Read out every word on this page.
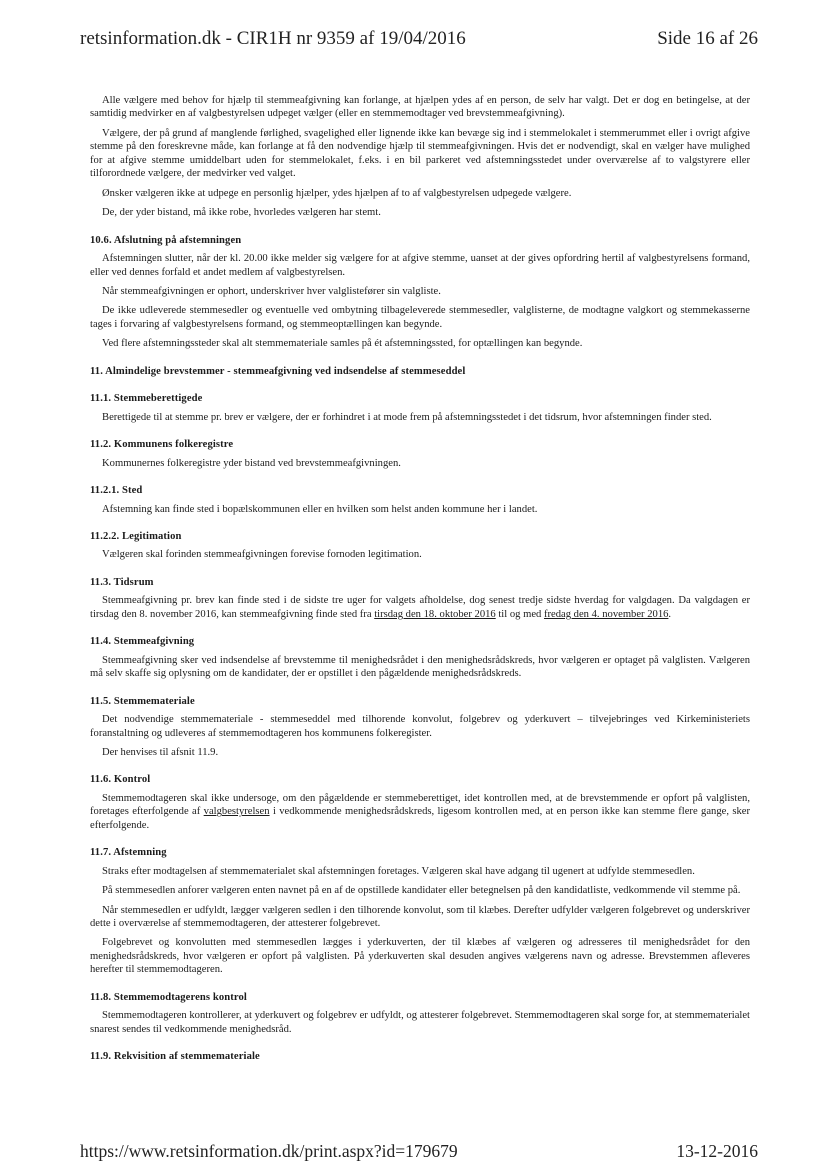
retsinformation.dk - CIR1H nr 9359 af 19/04/2016	Side 16 af 26

Alle vælgere med behov for hjælp til stemmeafgivning kan forlange, at hjælpen ydes af en person, de selv har valgt. Det er dog en betingelse, at der samtidig medvirker en af valgbestyrelsen udpeget vælger (eller en stemmemodtager ved brevstemmeafgivning).

Vælgere, der på grund af manglende førlighed, svagelighed eller lignende ikke kan bevæge sig ind i stemmelokalet i stemmerummet eller i ovrigt afgive stemme på den foreskrevne måde, kan forlange at få den nodvendige hjælp til stemmeafgivningen. Hvis det er nodvendigt, skal en vælger have mulighed for at afgive stemme umiddelbart uden for stemmelokalet, f.eks. i en bil parkeret ved afstemningsstedet under overværelse af to valgstyrere eller tilforordnede vælgere, der medvirker ved valget.

Ønsker vælgeren ikke at udpege en personlig hjælper, ydes hjælpen af to af valgbestyrelsen udpegede vælgere.

De, der yder bistand, må ikke robe, hvorledes vælgeren har stemt.

10.6. Afslutning på afstemningen

Afstemningen slutter, når der kl. 20.00 ikke melder sig vælgere for at afgive stemme, uanset at der gives opfordring hertil af valgbestyrelsens formand, eller ved dennes forfald et andet medlem af valgbestyrelsen.

Når stemmeafgivningen er ophort, underskriver hver valglistefører sin valgliste.

De ikke udleverede stemmesedler og eventuelle ved ombytning tilbageleverede stemmesedler, valglisterne, de modtagne valgkort og stemmekasserne tages i forvaring af valgbestyrelsens formand, og stemmeoptællingen kan begynde.

Ved flere afstemningssteder skal alt stemmemateriale samles på ét afstemningssted, for optællingen kan begynde.

11. Almindelige brevstemmer - stemmeafgivning ved indsendelse af stemmeseddel
11.1. Stemmeberettigede

Berettigede til at stemme pr. brev er vælgere, der er forhindret i at mode frem på afstemningsstedet i det tidsrum, hvor afstemningen finder sted.

11.2. Kommunens folkeregistre

Kommunernes folkeregistre yder bistand ved brevstemmeafgivningen.

11.2.1. Sted

Afstemning kan finde sted i bopælskommunen eller en hvilken som helst anden kommune her i landet.

11.2.2. Legitimation

Vælgeren skal forinden stemmeafgivningen forevise fornoden legitimation.

11.3. Tidsrum

Stemmeafgivning pr. brev kan finde sted i de sidste tre uger for valgets afholdelse, dog senest tredje sidste hverdag for valgdagen. Da valgdagen er tirsdag den 8. november 2016, kan stemmeafgivning finde sted fra tirsdag den 18. oktober 2016 til og med fredag den 4. november 2016.

11.4. Stemmeafgivning

Stemmeafgivning sker ved indsendelse af brevstemme til menighedsrådet i den menighedsrådskreds, hvor vælgeren er optaget på valglisten. Vælgeren må selv skaffe sig oplysning om de kandidater, der er opstillet i den pågældende menighedsrådskreds.

11.5. Stemmemateriale

Det nodvendige stemmemateriale - stemmeseddel med tilhorende konvolut, folgebrev og yderkuvert – tilvejebringes ved Kirkeministeriets foranstaltning og udleveres af stemmemodtageren hos kommunens folkeregister.

Der henvises til afsnit 11.9.

11.6. Kontrol

Stemmemodtageren skal ikke undersoge, om den pågældende er stemmeberettiget, idet kontrollen med, at de brevstemmende er opfort på valglisten, foretages efterfolgende af valgbestyrelsen i vedkommende menighedsrådskreds, ligesom kontrollen med, at en person ikke kan stemme flere gange, sker efterfolgende.

11.7. Afstemning

Straks efter modtagelsen af stemmematerialet skal afstemningen foretages. Vælgeren skal have adgang til ugenert at udfylde stemmesedlen.

På stemmesedlen anforer vælgeren enten navnet på en af de opstillede kandidater eller betegnelsen på den kandidatliste, vedkommende vil stemme på.

Når stemmesedlen er udfyldt, lægger vælgeren sedlen i den tilhorende konvolut, som til klæbes. Derefter udfylder vælgeren folgebrevet og underskriver dette i overværelse af stemmemodtageren, der attesterer folgebrevet.

Folgebrevet og konvolutten med stemmesedlen lægges i yderkuverten, der til klæbes af vælgeren og adresseres til menighedsrådet for den menighedsrådskreds, hvor vælgeren er opfort på valglisten. På yderkuverten skal desuden angives vælgerens navn og adresse. Brevstemmen afleveres herefter til stemmemodtageren.

11.8. Stemmemodtagerens kontrol

Stemmemodtageren kontrollerer, at yderkuvert og folgebrev er udfyldt, og attesterer folgebrevet. Stemmemodtageren skal sorge for, at stemmematerialet snarest sendes til vedkommende menighedsråd.

11.9. Rekvisition af stemmemateriale
https://www.retsinformation.dk/print.aspx?id=179679	13-12-2016
